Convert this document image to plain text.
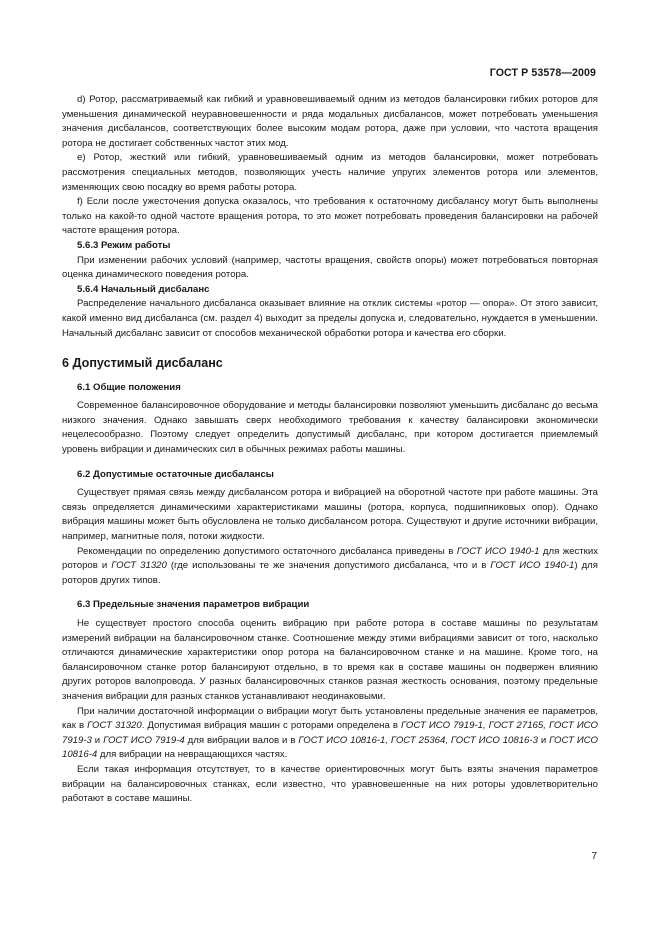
ГОСТ Р 53578—2009

d) Ротор, рассматриваемый как гибкий и уравновешиваемый одним из методов балансировки гибких роторов для уменьшения динамической неуравновешенности и ряда модальных дисбалансов, может потребовать уменьшения значения дисбалансов, соответствующих более высоким модам ротора, даже при условии, что частота вращения ротора не достигает собственных частот этих мод.

e) Ротор, жесткий или гибкий, уравновешиваемый одним из методов балансировки, может потребовать рассмотрения специальных методов, позволяющих учесть наличие упругих элементов ротора или элементов, изменяющих свою посадку во время работы ротора.

f) Если после ужесточения допуска оказалось, что требования к остаточному дисбалансу могут быть выполнены только на какой-то одной частоте вращения ротора, то это может потребовать проведения балансировки на рабочей частоте вращения ротора.

5.6.3 Режим работы

При изменении рабочих условий (например, частоты вращения, свойств опоры) может потребоваться повторная оценка динамического поведения ротора.

5.6.4 Начальный дисбаланс

Распределение начального дисбаланса оказывает влияние на отклик системы «ротор — опора». От этого зависит, какой именно вид дисбаланса (см. раздел 4) выходит за пределы допуска и, следовательно, нуждается в уменьшении. Начальный дисбаланс зависит от способов механической обработки ротора и качества его сборки.

6 Допустимый дисбаланс

6.1 Общие положения

Современное балансировочное оборудование и методы балансировки позволяют уменьшить дисбаланс до весьма низкого значения. Однако завышать сверх необходимого требования к качеству балансировки экономически нецелесообразно. Поэтому следует определить допустимый дисбаланс, при котором достигается приемлемый уровень вибрации и динамических сил в обычных режимах работы машины.

6.2 Допустимые остаточные дисбалансы

Существует прямая связь между дисбалансом ротора и вибрацией на оборотной частоте при работе машины. Эта связь определяется динамическими характеристиками машины (ротора, корпуса, подшипниковых опор). Однако вибрация машины может быть обусловлена не только дисбалансом ротора. Существуют и другие источники вибрации, например, магнитные поля, потоки жидкости.

Рекомендации по определению допустимого остаточного дисбаланса приведены в ГОСТ ИСО 1940-1 для жестких роторов и ГОСТ 31320 (где использованы те же значения допустимого дисбаланса, что и в ГОСТ ИСО 1940-1) для роторов других типов.

6.3 Предельные значения параметров вибрации

Не существует простого способа оценить вибрацию при работе ротора в составе машины по результатам измерений вибрации на балансировочном станке. Соотношение между этими вибрациями зависит от того, насколько отличаются динамические характеристики опор ротора на балансировочном станке и на машине. Кроме того, на балансировочном станке ротор балансируют отдельно, в то время как в составе машины он подвержен влиянию других роторов валопровода. У разных балансировочных станков разная жесткость основания, поэтому предельные значения вибрации для разных станков устанавливают неодинаковыми.

При наличии достаточной информации о вибрации могут быть установлены предельные значения ее параметров, как в ГОСТ 31320. Допустимая вибрация машин с роторами определена в ГОСТ ИСО 7919-1, ГОСТ 27165, ГОСТ ИСО 7919-3 и ГОСТ ИСО 7919-4 для вибрации валов и в ГОСТ ИСО 10816-1, ГОСТ 25364, ГОСТ ИСО 10816-3 и ГОСТ ИСО 10816-4 для вибрации на невращающихся частях.

Если такая информация отсутствует, то в качестве ориентировочных могут быть взяты значения параметров вибрации на балансировочных станках, если известно, что уравновешенные на них роторы удовлетворительно работают в составе машины.

7
